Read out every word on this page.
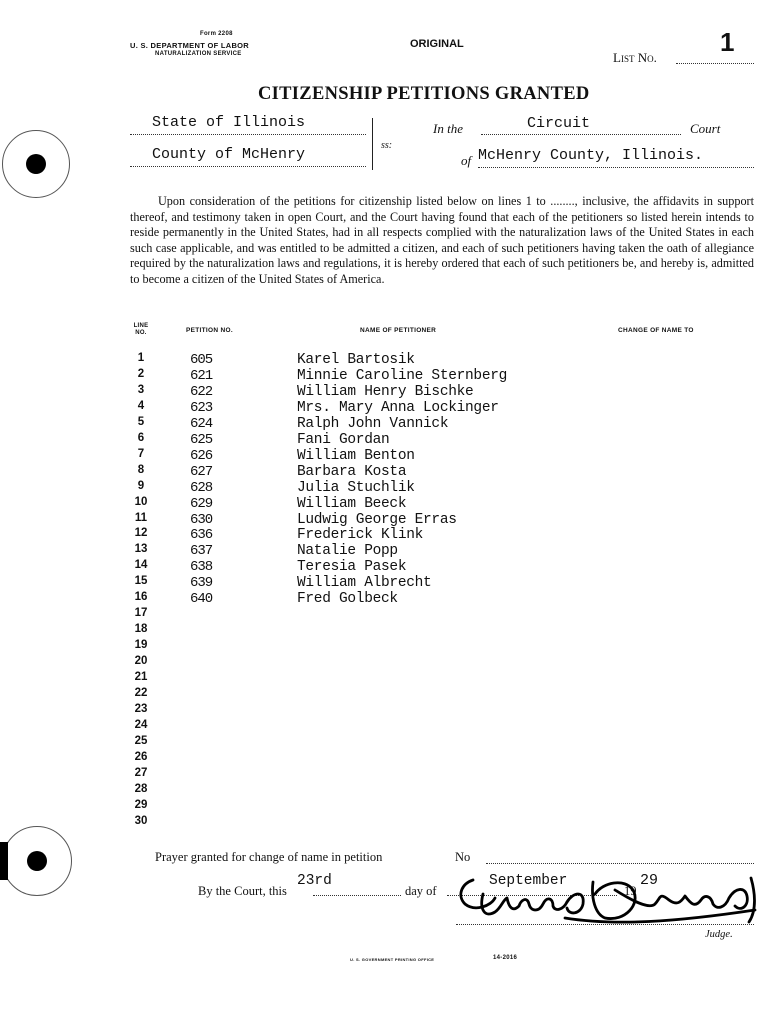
Form 2208
U. S. DEPARTMENT OF LABOR
NATURALIZATION SERVICE
ORIGINAL
List No.
1
CITIZENSHIP PETITIONS GRANTED
State of Illinois
County of McHenry
ss:
In the	Circuit	Court
of McHenry County, Illinois.
Upon consideration of the petitions for citizenship listed below on lines 1 to ........, inclusive, the affidavits in support thereof, and testimony taken in open Court, and the Court having found that each of the petitioners so listed herein intends to reside permanently in the United States, had in all respects complied with the naturalization laws of the United States in each such case applicable, and was entitled to be admitted a citizen, and each of such petitioners having taken the oath of allegiance required by the naturalization laws and regulations, it is hereby ordered that each of such petitioners be, and hereby is, admitted to become a citizen of the United States of America.
LINE NO.	PETITION NO.	NAME OF PETITIONER	CHANGE OF NAME TO
1	605	Karel Bartosik
2	621	Minnie Caroline Sternberg
3	622	William Henry Bischke
4	623	Mrs. Mary Anna Lockinger
5	624	Ralph John Vannick
6	625	Fani Gordan
7	626	William Benton
8	627	Barbara Kosta
9	628	Julia Stuchlik
10	629	William Beeck
11	630	Ludwig George Erras
12	636	Frederick Klink
13	637	Natalie Popp
14	638	Teresia Pasek
15	639	William Albrecht
16	640	Fred Golbeck
17
18
19
20
21
22
23
24
25
26
27
28
29
30
Prayer granted for change of name in petition	No
By the Court, this
23rd
day of
September
19
29
Judge.
U. S. GOVERNMENT PRINTING OFFICE	14-2016
